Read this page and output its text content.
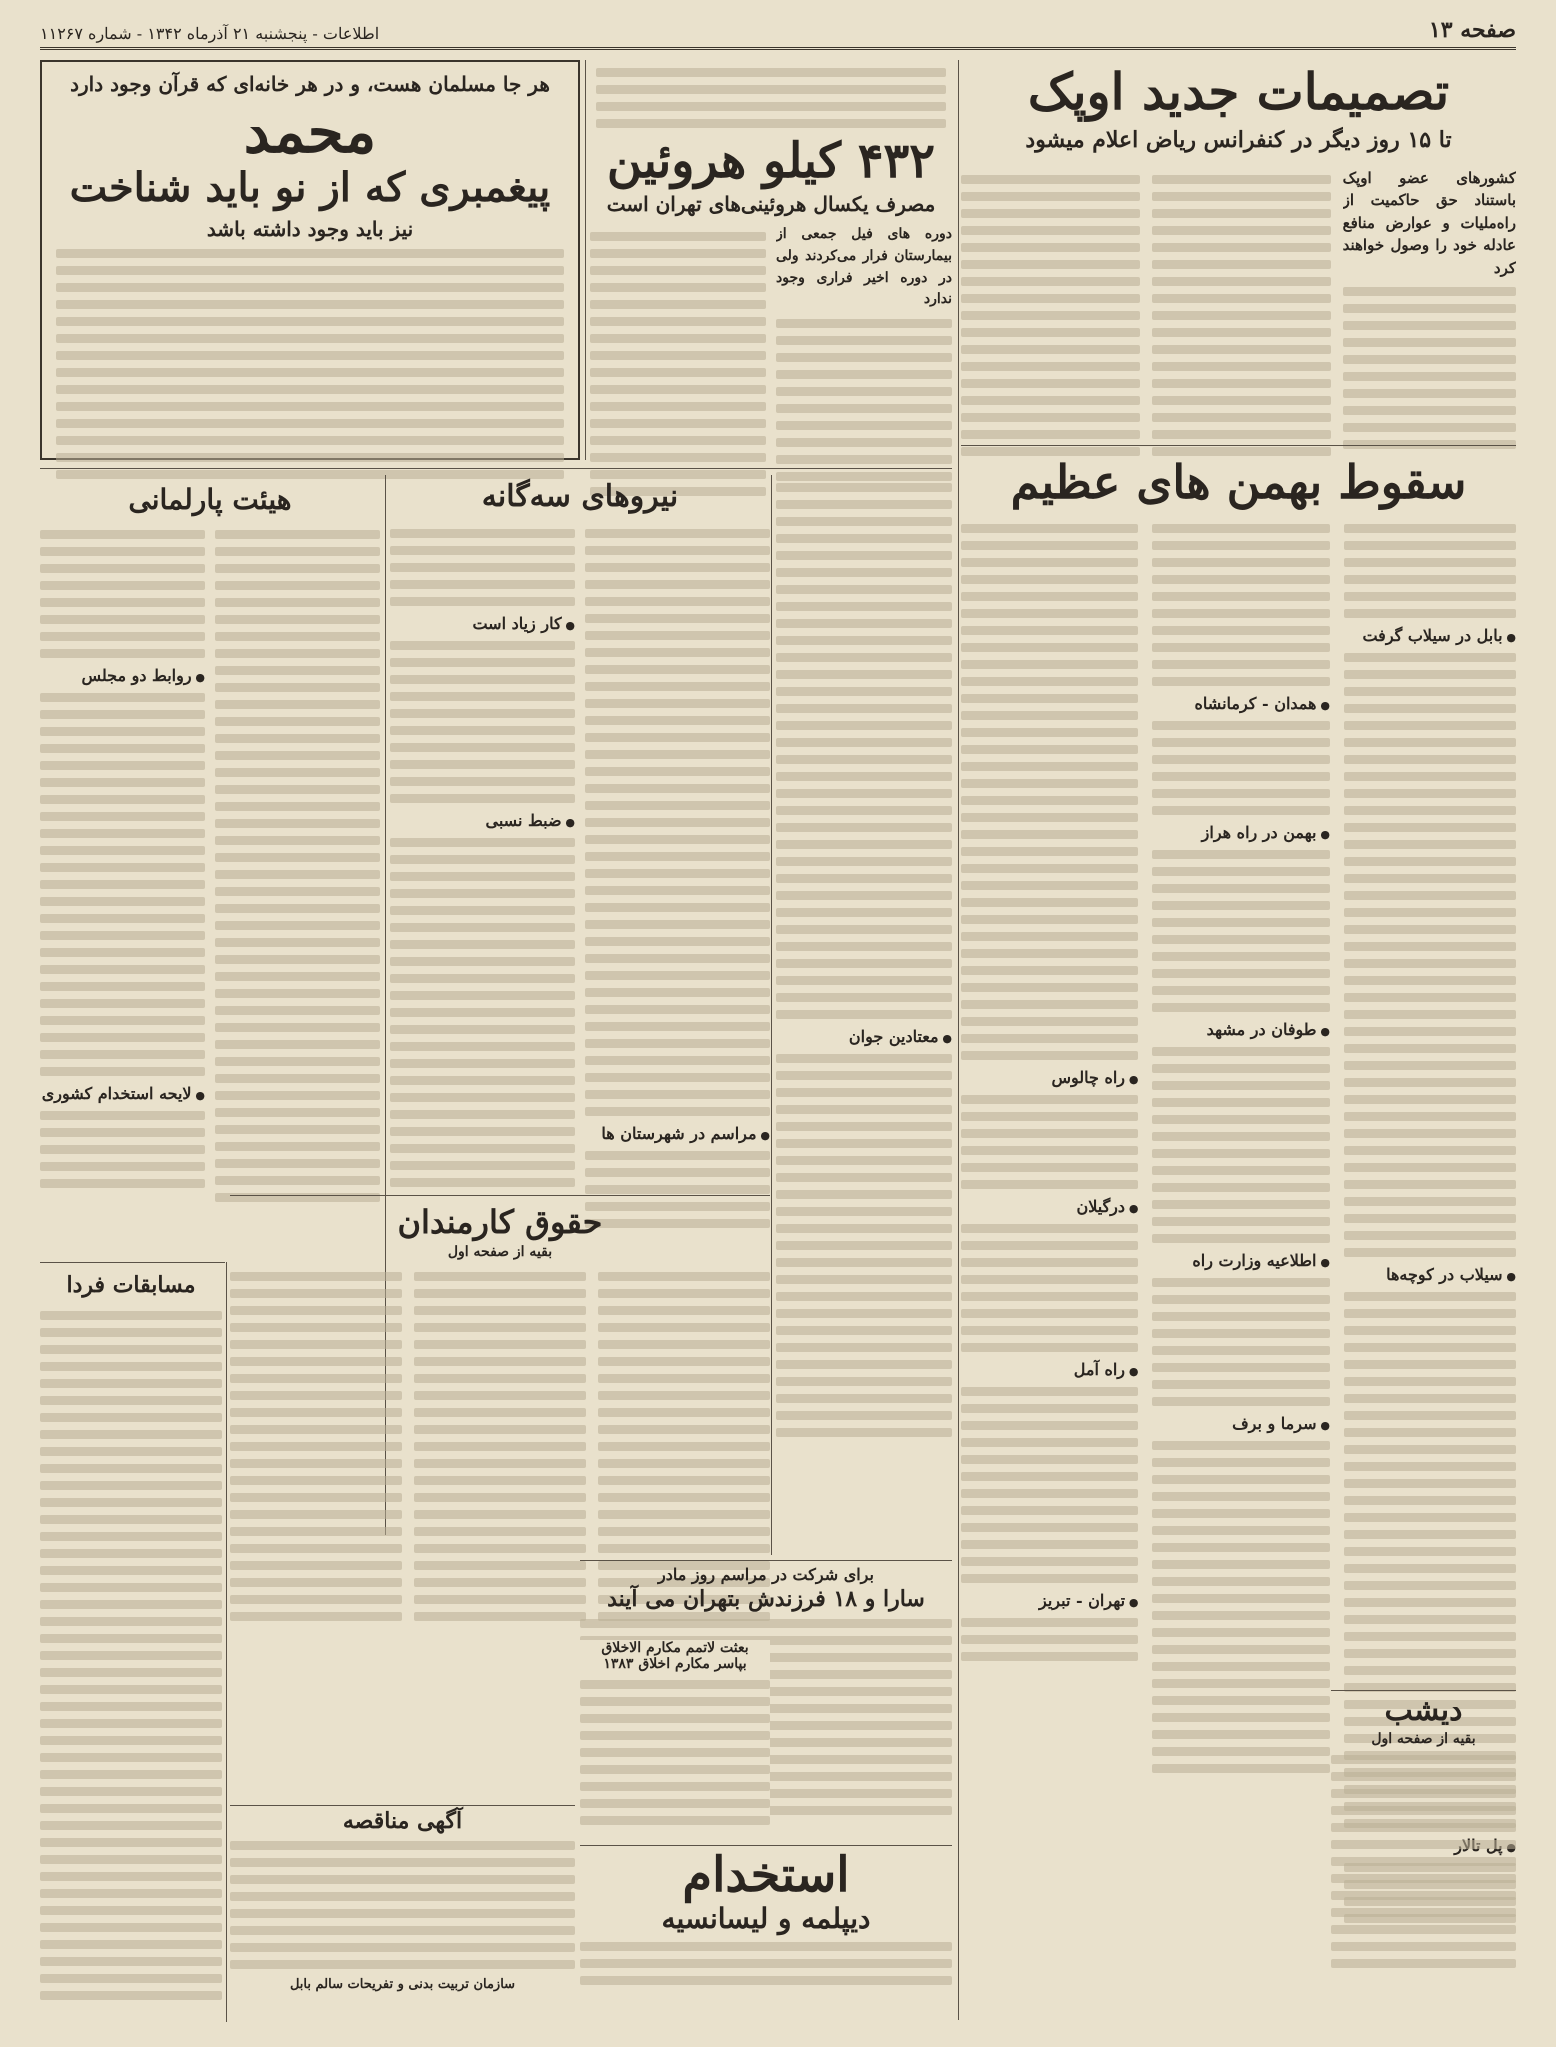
صفحه ۱۳
اطلاعات - پنجشنبه ۲۱ آذرماه ۱۳۴۲ - شماره ۱۱۲۶۷
تصمیمات جدید اوپک
تا ۱۵ روز دیگر در کنفرانس ریاض اعلام میشود
کشورهای عضو اوپک باستناد حق حاکمیت از راه‌ملیات و عوارض منافع عادله خود را وصول خواهند کرد
سقوط بهمن های عظیم
● بابل در سیلاب گرفت
● سیلاب در کوچه‌ها
●
● همدان - کرمانشاه
● بهمن در راه هراز
● طوفان در مشهد
● اطلاعیه وزارت راه
● سرما و برف
● راه چالوس
● درگیلان
● راه آمل
● تهران - تبریز
دیشب
بقیه از صفحه اول
۴۳۲ کیلو هروئین
مصرف یکسال هروئینی‌های تهران است
دوره های فیل جمعی از بیمارستان فرار می‌کردند ولی در دوره اخیر فراری وجود ندارد
هر جا مسلمان هست، و در هر خانه‌ای که قرآن وجود دارد
محمد
پیغمبری که از نو باید شناخت
نیز باید وجود داشته باشد
نیروهای سه‌گانه
● مراسم در شهرستان ها
● کار زیاد است
● ضبط نسبی
● معتادین جوان
هیئت پارلمانی
● روابط دو مجلس
● لایحه استخدام کشوری
حقوق کارمندان
بقیه از صفحه اول
برای شرکت در مراسم روز مادر
سارا و ۱۸ فرزندش بتهران می آیند
بعثت لاتمم مکارم الاخلاق
بپاسر مکارم اخلاق ۱۳۸۳
استخدام
دیپلمه و لیسانسیه
آگهی مناقصه
سازمان تربیت بدنی و تفریحات سالم بابل
مسابقات فردا
